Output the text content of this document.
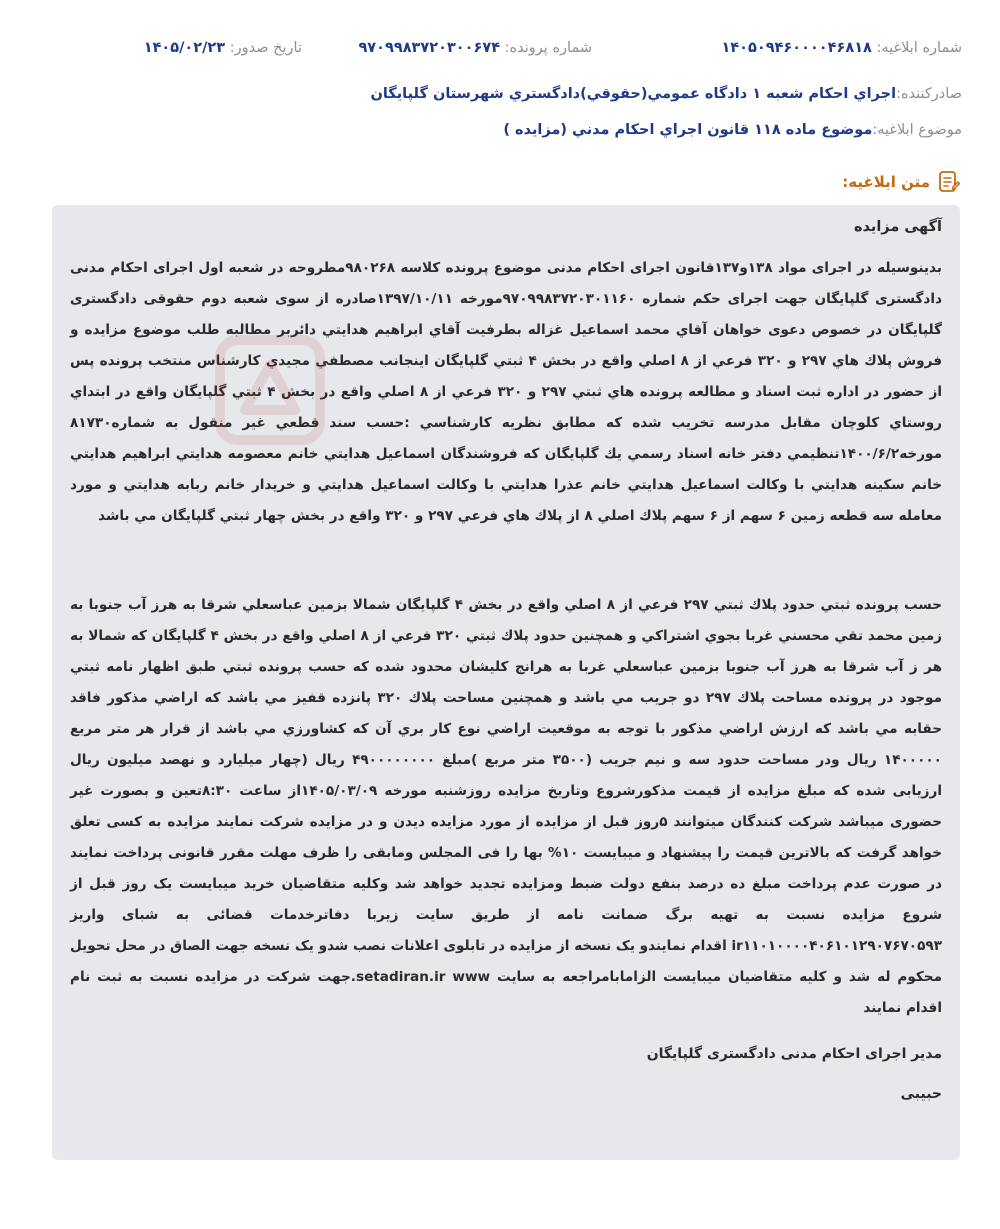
شماره ابلاغیه: ۱۴۰۵۰۹۴۶۰۰۰۰۴۶۸۱۸
شماره پرونده: ۹۷۰۹۹۸۳۷۲۰۳۰۰۶۷۴
تاریخ صدور: ۱۴۰۵/۰۲/۲۳
صادرکننده:
اجراي احكام شعبه ۱ دادگاه عمومي(حقوقي)دادگستري شهرستان گلپايگان
موضوع ابلاغیه:
موضوع ماده ۱۱۸ قانون اجراي احكام مدني (مزايده )
متن ابلاغیه:
آگهی مزایده
بدینوسیله در اجرای مواد ۱۳۸و۱۳۷قانون اجرای احکام مدنی موضوع پرونده کلاسه ۹۸۰۲۶۸مطروحه در شعبه اول اجرای احکام مدنی دادگستری گلپایگان جهت اجرای حکم شماره ۹۷۰۹۹۸۳۷۲۰۳۰۱۱۶۰مورخه ۱۳۹۷/۱۰/۱۱صادره از سوی شعبه دوم حقوقی دادگستری گلپایگان در خصوص دعوی خواهان آقاي محمد اسماعيل غزاله بطرفيت آقاي ابراهيم هدايتي دائربر مطالبه طلب موضوع مزايده و فروش پلاك هاي ۲۹۷ و ۳۲۰ فرعي از ۸ اصلي واقع در بخش ۴ ثبتي گلپايگان اينجانب مصطفي مجيدي كارشناس منتخب پرونده پس از حضور در اداره ثبت اسناد و مطالعه پرونده هاي ثبتي ۲۹۷ و ۳۲۰ فرعي از ۸ اصلي واقع در بخش ۴ ثبتي گلپايگان واقع در ابتداي روستاي كلوچان مقابل مدرسه تخريب شده كه مطابق نظريه كارشناسي :حسب سند قطعي غير منقول به شماره۸۱۷۳۰ مورخه۱۴۰۰/۶/۲تنظيمي دفتر خانه اسناد رسمي يك گلپايگان كه فروشندگان اسماعيل هدايتي خانم معصومه هدايتي ابراهيم هدايتي خانم سكينه هدايتي با وكالت اسماعيل هدايتي خانم عذرا هدايتي با وكالت اسماعيل هدايتي و خريدار خانم ربابه هدايتي و مورد معامله سه قطعه زمين ۶ سهم از ۶ سهم پلاك اصلي ۸ از پلاك هاي فرعي ۲۹۷ و ۳۲۰ واقع در بخش چهار ثبتي گلپايگان مي باشد
حسب پرونده ثبتي حدود پلاك ثبتي ۲۹۷ فرعي از ۸ اصلي واقع در بخش ۴ گلپايگان شمالا بزمين عباسعلي شرقا به هرز آب جنوبا به زمين محمد تقي محسني غربا بجوي اشتراكي و همچنين حدود پلاك ثبتي ۳۲۰ فرعي از ۸ اصلي واقع در بخش ۴ گلپايگان كه شمالا به هر ز آب شرقا به هرز آب جنوبا بزمين عباسعلي غربا به هرانج كليشان محدود شده كه حسب پرونده ثبتي طبق اظهار نامه ثبتي موجود در پرونده مساحت پلاك ۲۹۷ دو جريب مي باشد و همچنين مساحت پلاك ۳۲۰ پانزده قفيز مي باشد كه اراضي مذكور فاقد حقابه مي باشد كه ارزش اراضي مذكور با توجه به موقعيت اراضي نوع كار بري آن كه كشاورزي مي باشد از قرار هر متر مربع ۱۴۰۰۰۰۰ ريال ودر مساحت حدود سه و نيم جريب (۳۵۰۰ متر مربع )مبلغ ۴۹۰۰۰۰۰۰۰۰ ريال (چهار ميليارد و نهصد ميليون ريال ارزيابی شده كه مبلغ مزايده از قیمت مذکورشروع وتاریخ مزایده روزشنبه مورخه ۱۴۰۵/۰۳/۰۹از ساعت ۸:۳۰تعین و بصورت غیر حضوری میباشد شرکت کنندگان میتوانند ۵روز قبل از مزایده از مورد مزایده دیدن و در مزایده شرکت نمایند مزایده به کسی تعلق خواهد گرفت که بالاترین قیمت را پیشنهاد و میبایست ۱۰% بها را فی المجلس ومابقی را ظرف مهلت مقرر قانونی پرداخت نمایند در صورت عدم پرداخت مبلغ ده درصد بنفع دولت ضبط ومزایده تجدید خواهد شد وکلیه متقاضیان خرید میبایست یک روز قبل از شروع مزایده نسبت به تهیه برگ ضمانت نامه از طریق سایت زیربا دفاترخدمات قضائی به شبای واریز ir۱۱۰۱۰۰۰۰۴۰۶۱۰۱۲۹۰۷۶۷۰۵۹۳ اقدام نمایندو یک نسخه از مزایده در تابلوی اعلانات نصب شدو یک نسخه جهت الصاق در محل تحویل محکوم له شد و کلیه متقاضیان میبایست الزامابامراجعه به سایت setadiran.ir www.جهت شرکت در مزایده نسبت به ثبت نام اقدام نمایند
مدیر اجرای احکام مدنی دادگستری گلپایگان
حبیبی
